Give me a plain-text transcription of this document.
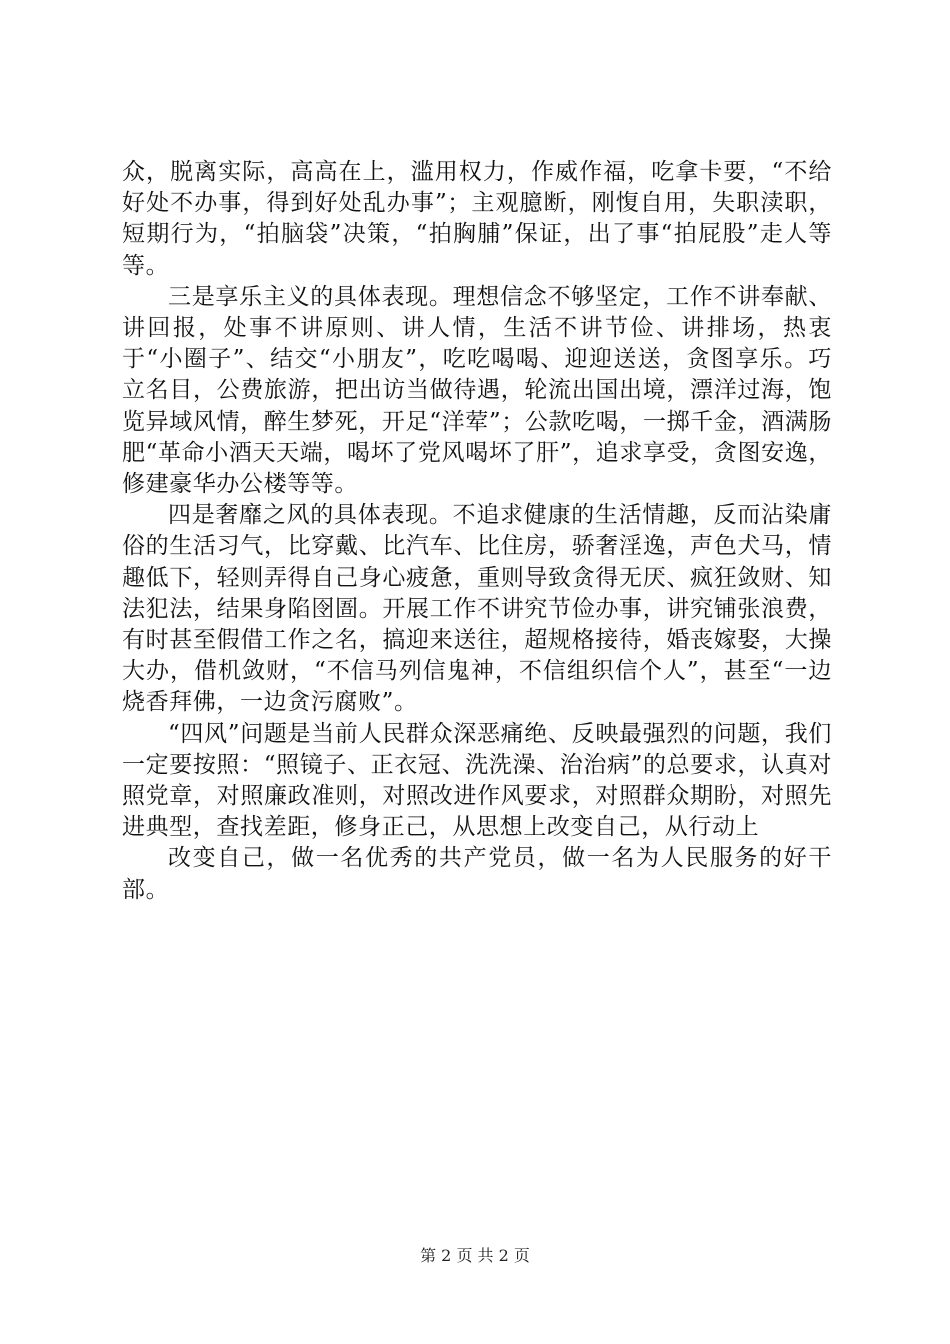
众，脱离实际，高高在上，滥用权力，作威作福，吃拿卡要，“不给好处不办事，得到好处乱办事”；主观臆断，刚愎自用，失职渎职，短期行为，“拍脑袋”决策，“拍胸脯”保证，出了事“拍屁股”走人等等。

三是享乐主义的具体表现。理想信念不够坚定，工作不讲奉献、讲回报，处事不讲原则、讲人情，生活不讲节俭、讲排场，热衷于“小圈子”、结交“小朋友”，吃吃喝喝、迎迎送送，贪图享乐。巧立名目，公费旅游，把出访当做待遇，轮流出国出境，漂洋过海，饱览异域风情，醉生梦死，开足“洋荤”；公款吃喝，一掷千金，酒满肠肥“革命小酒天天端，喝坏了党风喝坏了肝”，追求享受，贪图安逸，修建豪华办公楼等等。

四是奢靡之风的具体表现。不追求健康的生活情趣，反而沾染庸俗的生活习气，比穿戴、比汽车、比住房，骄奢淫逸，声色犬马，情趣低下，轻则弄得自己身心疲惫，重则导致贪得无厌、疯狂敛财、知法犯法，结果身陷囹圄。开展工作不讲究节俭办事，讲究铺张浪费，有时甚至假借工作之名，搞迎来送往，超规格接待，婚丧嫁娶，大操大办，借机敛财，“不信马列信鬼神，不信组织信个人”，甚至“一边烧香拜佛，一边贪污腐败”。

“四风”问题是当前人民群众深恶痛绝、反映最强烈的问题，我们一定要按照：“照镜子、正衣冠、洗洗澡、治治病”的总要求，认真对照党章，对照廉政准则，对照改进作风要求，对照群众期盼，对照先进典型，查找差距，修身正己，从思想上改变自己，从行动上

改变自己，做一名优秀的共产党员，做一名为人民服务的好干部。

第 2 页 共 2 页
